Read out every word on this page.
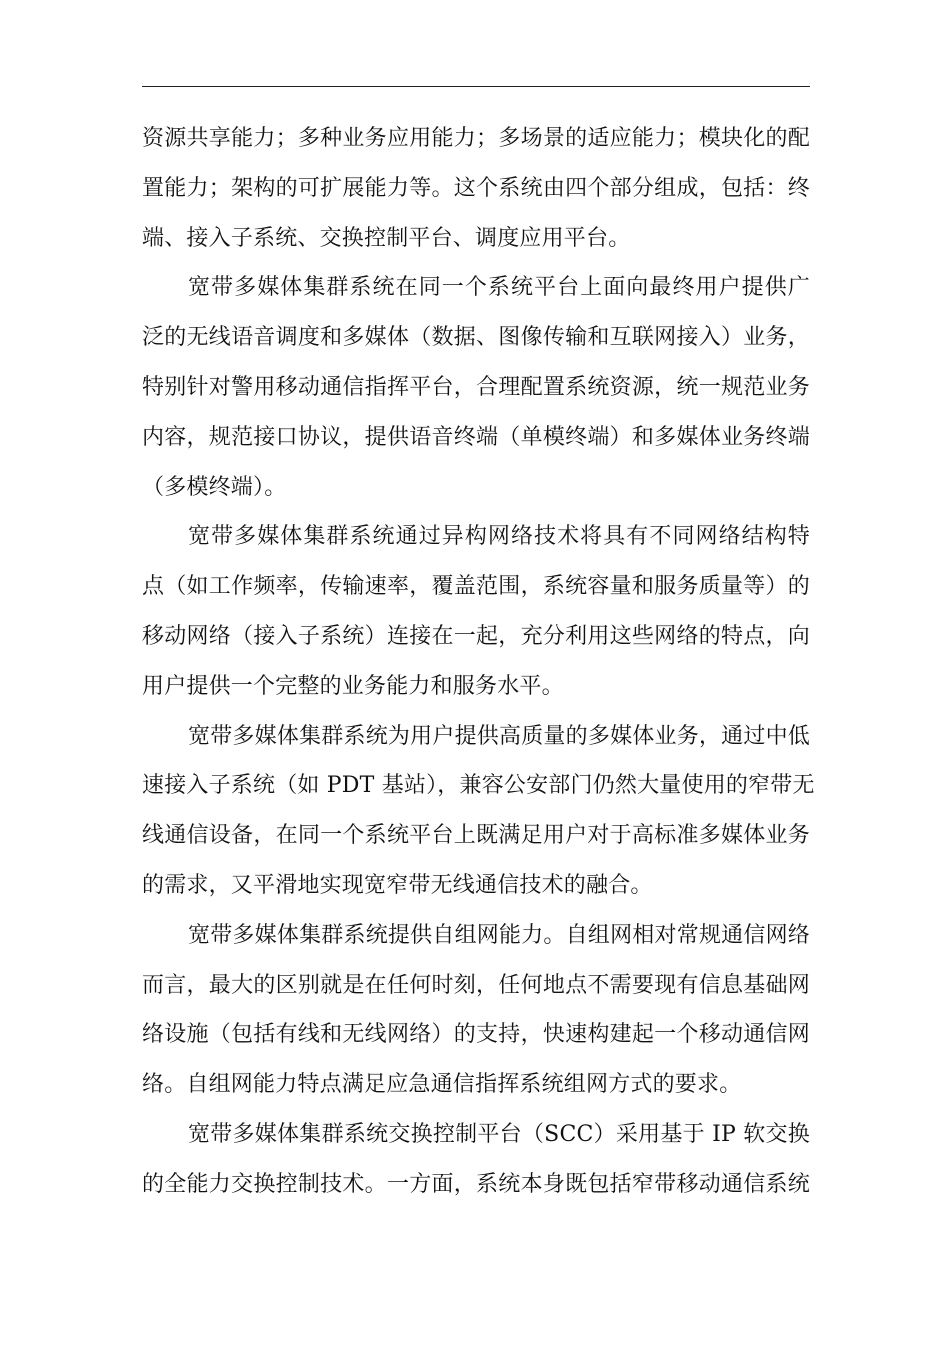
资源共享能力；多种业务应用能力；多场景的适应能力；模块化的配
置能力；架构的可扩展能力等。这个系统由四个部分组成，包括：终
端、接入子系统、交换控制平台、调度应用平台。
宽带多媒体集群系统在同一个系统平台上面向最终用户提供广
泛的无线语音调度和多媒体（数据、图像传输和互联网接入）业务，
特别针对警用移动通信指挥平台，合理配置系统资源，统一规范业务
内容，规范接口协议，提供语音终端（单模终端）和多媒体业务终端
（多模终端）。
宽带多媒体集群系统通过异构网络技术将具有不同网络结构特
点（如工作频率，传输速率，覆盖范围，系统容量和服务质量等）的
移动网络（接入子系统）连接在一起，充分利用这些网络的特点，向
用户提供一个完整的业务能力和服务水平。
宽带多媒体集群系统为用户提供高质量的多媒体业务，通过中低
速接入子系统（如 PDT 基站），兼容公安部门仍然大量使用的窄带无
线通信设备，在同一个系统平台上既满足用户对于高标准多媒体业务
的需求，又平滑地实现宽窄带无线通信技术的融合。
宽带多媒体集群系统提供自组网能力。自组网相对常规通信网络
而言，最大的区别就是在任何时刻，任何地点不需要现有信息基础网
络设施（包括有线和无线网络）的支持，快速构建起一个移动通信网
络。自组网能力特点满足应急通信指挥系统组网方式的要求。
宽带多媒体集群系统交换控制平台（SCC）采用基于 IP 软交换
的全能力交换控制技术。一方面，系统本身既包括窄带移动通信系统
